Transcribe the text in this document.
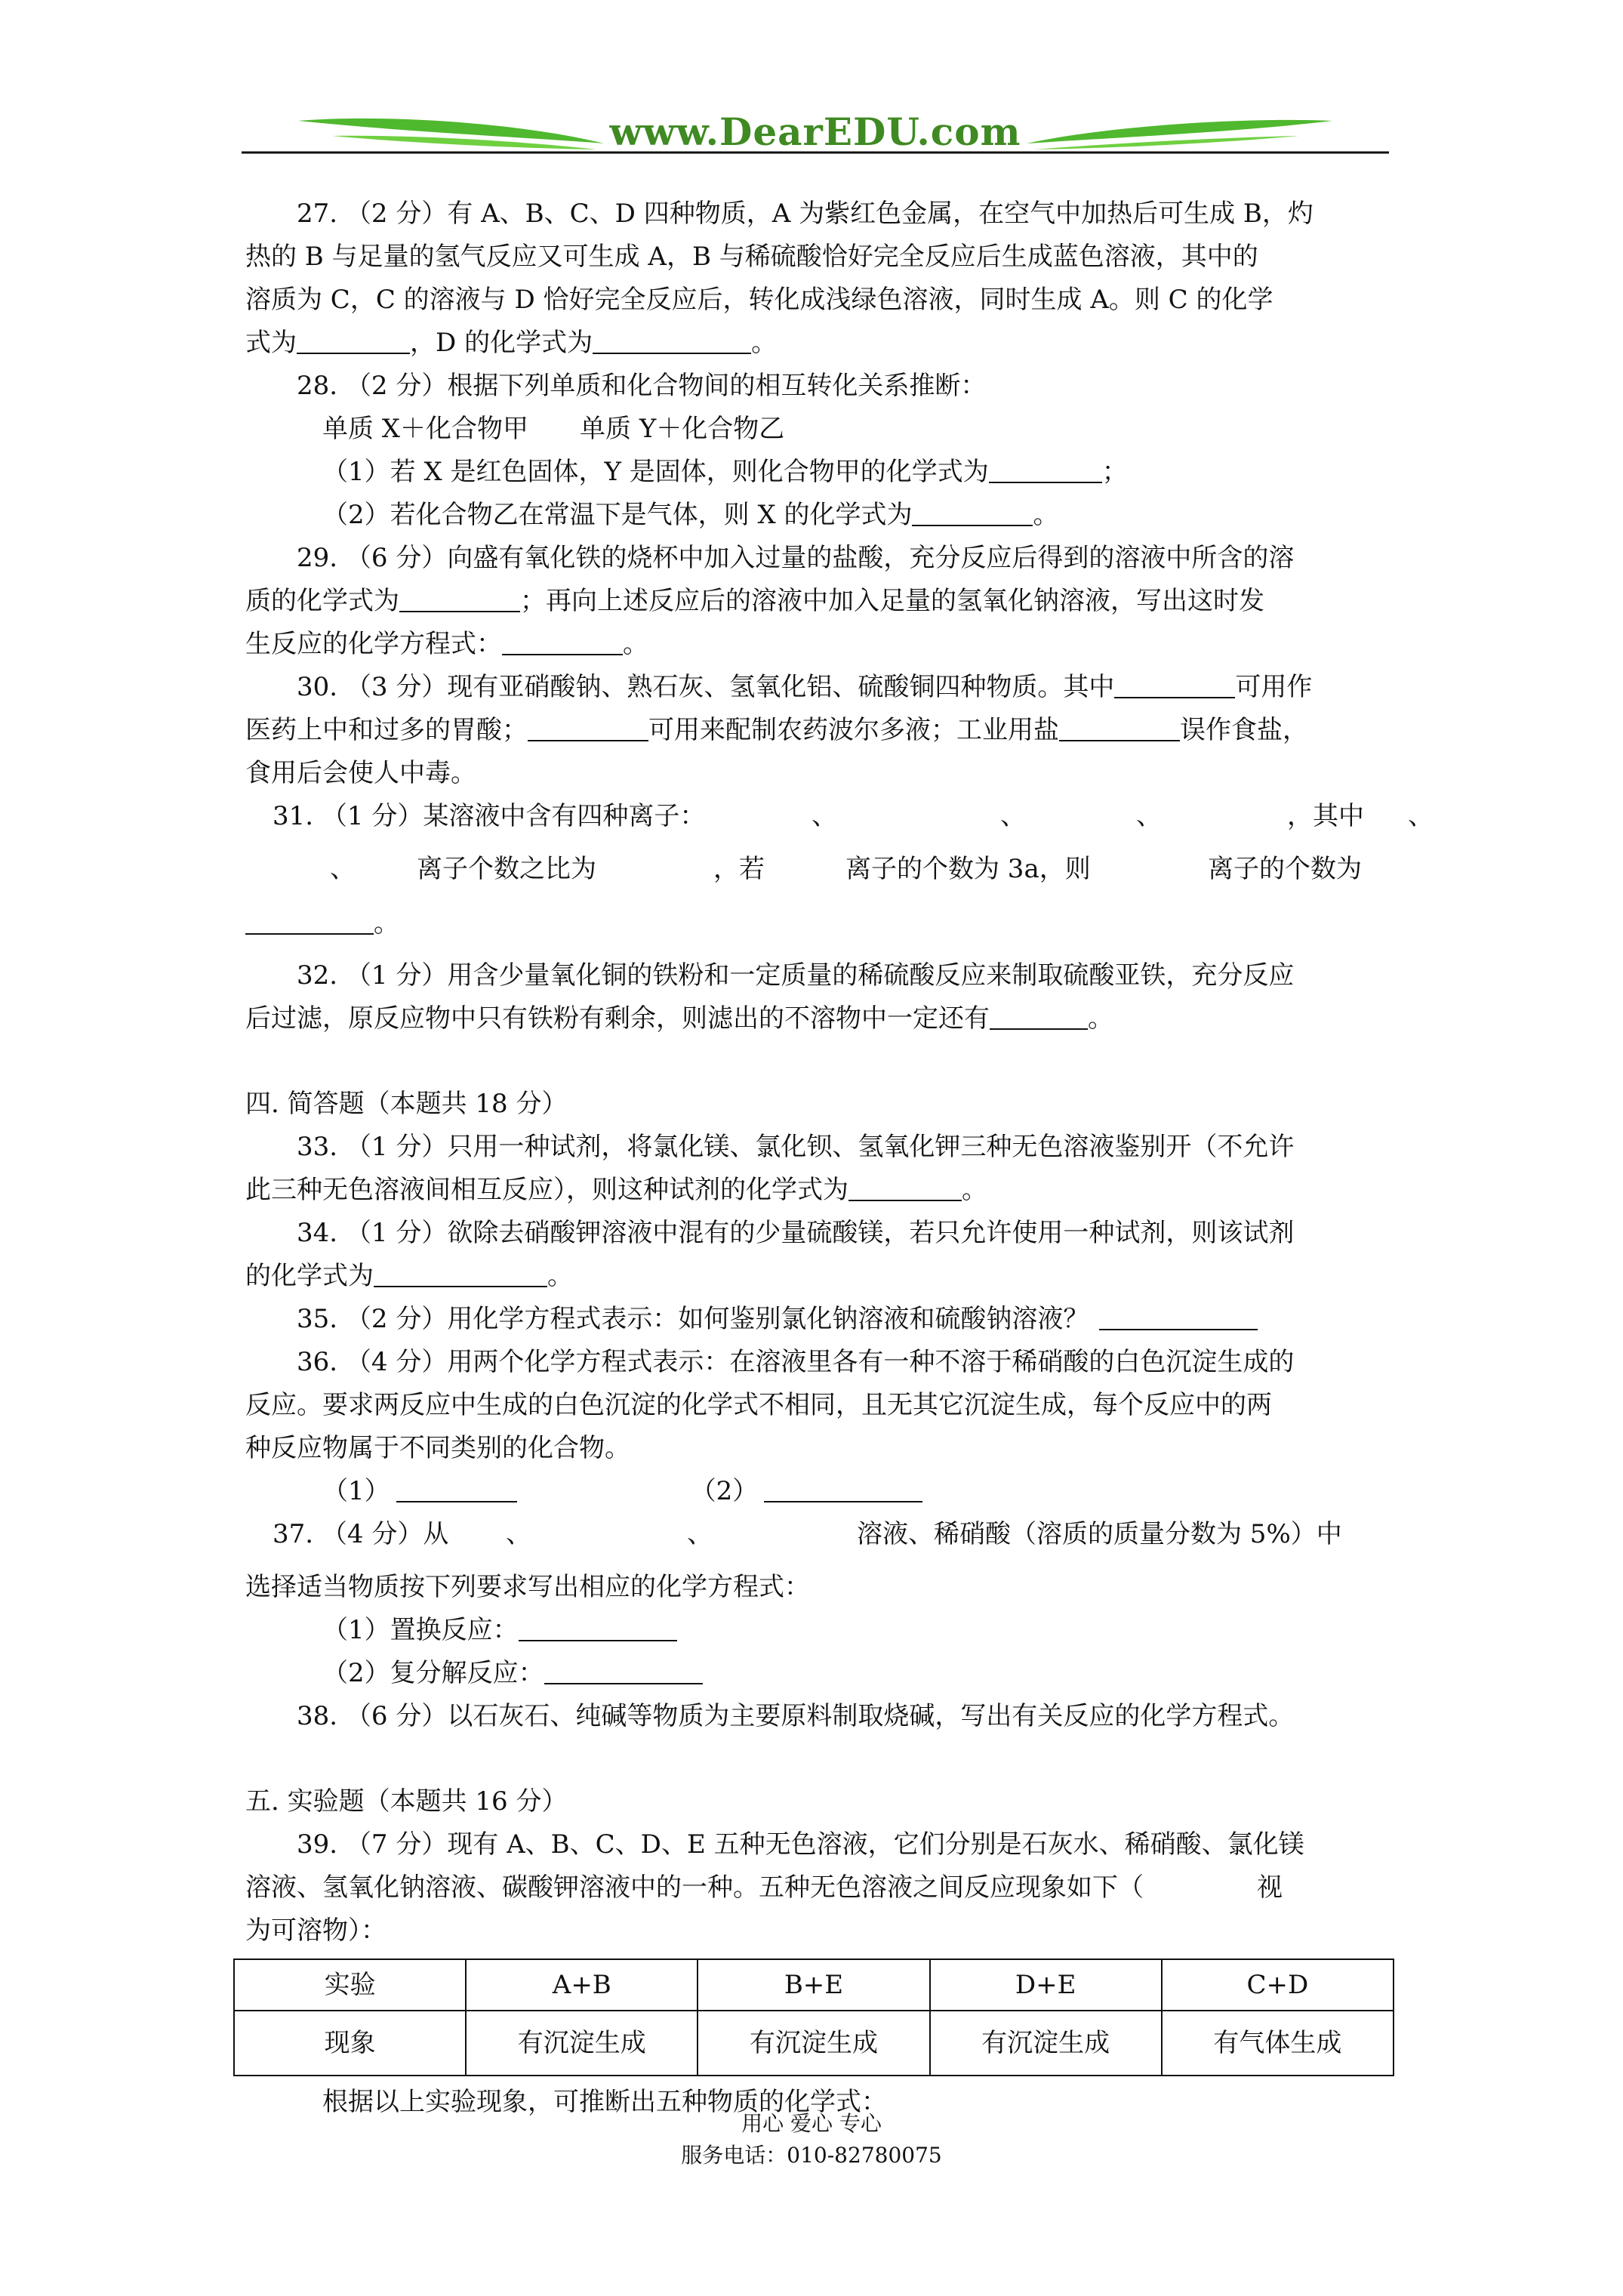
www.DearEDU.com

27. （2 分）有 A、B、C、D 四种物质，A 为紫红色金属，在空气中加热后可生成 B，灼

热的 B 与足量的氢气反应又可生成 A，B 与稀硫酸恰好完全反应后生成蓝色溶液，其中的

溶质为 C，C 的溶液与 D 恰好完全反应后，转化成浅绿色溶液，同时生成 A。则 C 的化学

式为	，D 的化学式为	。

28. （2 分）根据下列单质和化合物间的相互转化关系推断：

单质 X＋化合物甲　　单质 Y＋化合物乙

（1）若 X 是红色固体，Y 是固体，则化合物甲的化学式为	；

（2）若化合物乙在常温下是气体，则 X 的化学式为	。

29. （6 分）向盛有氧化铁的烧杯中加入过量的盐酸，充分反应后得到的溶液中所含的溶

质的化学式为	；再向上述反应后的溶液中加入足量的氢氧化钠溶液，写出这时发

生反应的化学方程式：	。

30. （3 分）现有亚硝酸钠、熟石灰、氢氧化铝、硫酸铜四种物质。其中	可用作

医药上中和过多的胃酸；	可用来配制农药波尔多液；工业用盐	误作食盐，

食用后会使人中毒。

31. （1 分）某溶液中含有四种离子：	、	、	、	，其中 、
、 离子个数之比为	，若	离子的个数为 3a，则	离子的个数为

。

32. （1 分）用含少量氧化铜的铁粉和一定质量的稀硫酸反应来制取硫酸亚铁，充分反应

后过滤，原反应物中只有铁粉有剩余，则滤出的不溶物中一定还有	。

四. 简答题（本题共 18 分）

33. （1 分）只用一种试剂，将氯化镁、氯化钡、氢氧化钾三种无色溶液鉴别开（不允许

此三种无色溶液间相互反应），则这种试剂的化学式为	。

34. （1 分）欲除去硝酸钾溶液中混有的少量硫酸镁，若只允许使用一种试剂，则该试剂

的化学式为	。

35. （2 分）用化学方程式表示：如何鉴别氯化钠溶液和硫酸钠溶液？

36. （4 分）用两个化学方程式表示：在溶液里各有一种不溶于稀硝酸的白色沉淀生成的

反应。要求两反应中生成的白色沉淀的化学式不相同，且无其它沉淀生成，每个反应中的两

种反应物属于不同类别的化合物。

（1）	（2）

37. （4 分）从 、	、	溶液、稀硝酸（溶质的质量分数为 5%）中

选择适当物质按下列要求写出相应的化学方程式：

（1）置换反应：

（2）复分解反应：

38. （6 分）以石灰石、纯碱等物质为主要原料制取烧碱，写出有关反应的化学方程式。

五. 实验题（本题共 16 分）

39. （7 分）现有 A、B、C、D、E 五种无色溶液，它们分别是石灰水、稀硝酸、氯化镁

溶液、氢氧化钠溶液、碳酸钾溶液中的一种。五种无色溶液之间反应现象如下（	视

为可溶物）：

实验	A+B	B+E	D+E	C+D
现象	有沉淀生成	有沉淀生成	有沉淀生成	有气体生成

根据以上实验现象，可推断出五种物质的化学式：

用心 爱心 专心
服务电话：010-82780075
